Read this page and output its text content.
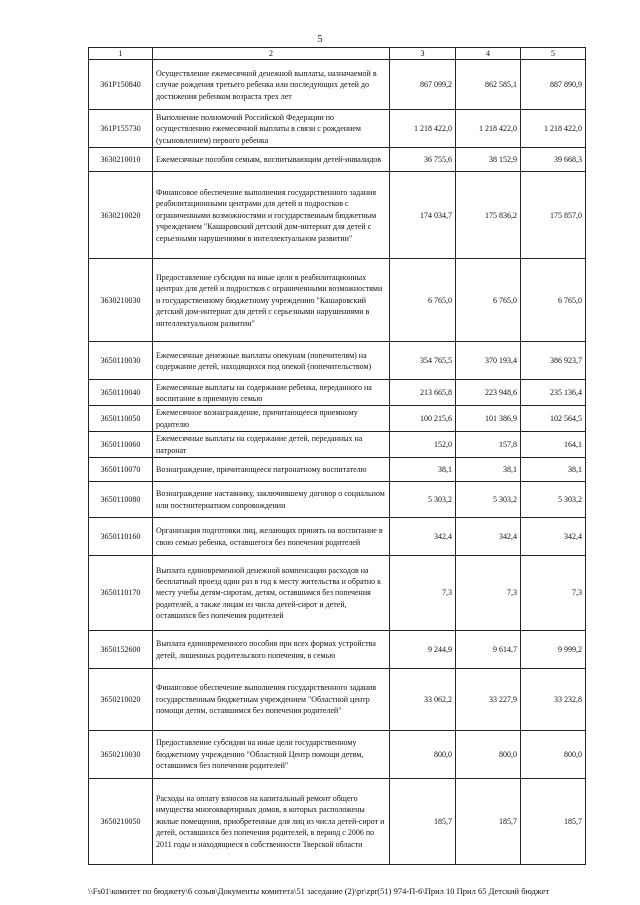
5
1	2	3	4	5
361P150840	Осуществление ежемесячной денежной выплаты, назначаемой в случае рождения третьего ребенка или последующих детей до достижения ребенком возраста трех лет	867 099,2	862 585,1	887 890,9
361P155730	Выполнение полномочий Российской Федерации по осуществлению ежемесячной выплаты в связи с рождением (усыновлением) первого ребенка	1 218 422,0	1 218 422,0	1 218 422,0
3630210010	Ежемесячные пособия семьям, воспитывающим детей-инвалидов	36 755,6	38 152,9	39 668,3
3630210020	Финансовое обеспечение выполнения государственного задания реабилитационными центрами для детей и подростков с ограниченными возможностями и государственным бюджетным учреждением "Кашаровский детский дом-интернат для детей с серьезными нарушениями в интеллектуальном развитии"	174 034,7	175 836,2	175 857,0
3630210030	Предоставление субсидии на иные цели в реабилитационных центрах для детей и подростков с ограниченными возможностями и государственному бюджетному учреждению "Кашаровский детский дом-интернат для детей с серьезными нарушениями в интеллектуальном развитии"	6 765,0	6 765,0	6 765,0
3650110030	Ежемесячные денежные выплаты опекунам (попечителям) на содержание детей, находящихся под опекой (попечительством)	354 765,5	370 193,4	386 923,7
3650110040	Ежемесячные выплаты на содержание ребенка, переданного на воспитание в приемную семью	213 665,8	223 948,6	235 136,4
3650110050	Ежемесячное вознаграждение, причитающееся приемному родителю	100 215,6	101 386,9	102 564,5
3650110060	Ежемесячные выплаты на содержание детей, переданных на патронат	152,0	157,8	164,1
3650110070	Вознаграждение, причитающееся патронатному воспитателю	38,1	38,1	38,1
3650110080	Вознаграждение наставнику, заключившему договор о социальном или постинтернатном сопровождении	5 303,2	5 303,2	5 303,2
3650110160	Организация подготовки лиц, желающих принять на воспитание в свою семью ребенка, оставшегося без попечения родителей	342,4	342,4	342,4
3650110170	Выплата единовременной денежной компенсации расходов на бесплатный проезд один раз в год к месту жительства и обратно к месту учебы детям-сиротам, детям, оставшимся без попечения родителей, а также лицам из числа детей-сирот и детей, оставшихся без попечения родителей	7,3	7,3	7,3
3650152600	Выплата единовременного пособия при всех формах устройства детей, лишенных родительского попечения, в семью	9 244,9	9 614,7	9 999,2
3650210020	Финансовое обеспечение выполнения государственного задания государственным бюджетным учреждением "Областной центр помощи детям, оставшимся без попечения родителей"	33 062,2	33 227,9	33 232,8
3650210030	Предоставление субсидии на иные цели государственному бюджетному учреждению "Областной Центр помощи детям, оставшимся без попечения родителей"	800,0	800,0	800,0
3650210050	Расходы на оплату взносов на капитальный ремонт общего имущества многоквартирных домов, в которых расположены жилые помещения, приобретенные для лиц из числа детей-сирот и детей, оставшихся без попечения родителей, в период с 2006 по 2011 годы и находящиеся в собственности Тверской области	185,7	185,7	185,7
\\Fs01\комитет по бюджету\6 созыв\Документы комитета\51 заседание (2)\pr\zpr(51) 974-П-6\Прил 10 Прил 65 Детский бюджет
